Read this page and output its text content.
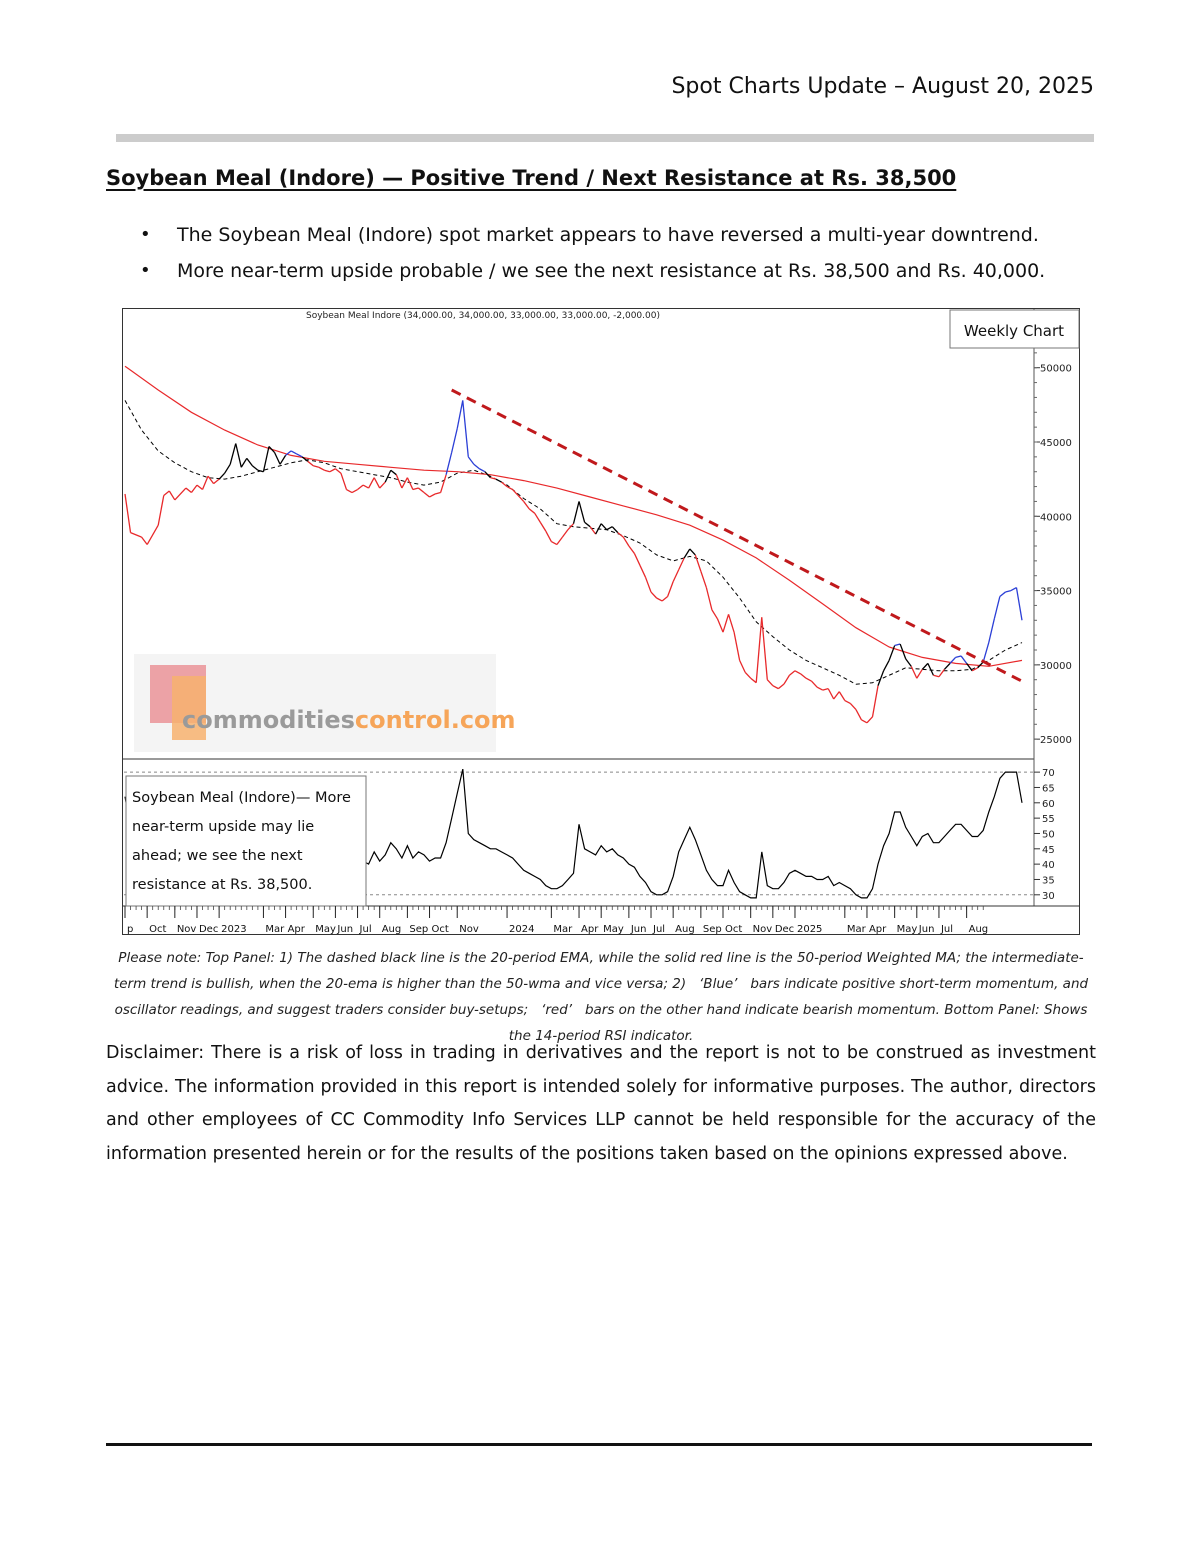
Spot Charts Update – August 20, 2025
Soybean Meal (Indore) — Positive Trend / Next Resistance at Rs. 38,500
• The Soybean Meal (Indore) spot market appears to have reversed a multi-year downtrend.
• More near-term upside probable / we see the next resistance at Rs. 38,500 and Rs. 40,000.
commoditiescontrol.com
Soybean Meal Indore (34,000.00, 34,000.00, 33,000.00, 33,000.00, -2,000.00)
Weekly Chart
Soybean Meal (Indore)— More near-term upside may lie ahead; we see the next resistance at Rs. 38,500.
25000
30000
35000
40000
45000
50000
30
35
40
45
50
55
60
65
70
p Oct Nov Dec 2023 Mar Apr May Jun Jul Aug Sep Oct Nov	2024 Mar Apr May Jun Jul Aug Sep Oct Nov Dec 2025 Mar Apr May Jun Jul Aug
Please note: Top Panel: 1) The dashed black line is the 20-period EMA, while the solid red line is the 50-period Weighted MA; the intermediate-term trend is bullish, when the 20-ema is higher than the 50-wma and vice versa; 2)   ‘Blue’   bars indicate positive short-term momentum, and oscillator readings, and suggest traders consider buy-setups;   ‘red’   bars on the other hand indicate bearish momentum. Bottom Panel: Shows the 14-period RSI indicator.
Disclaimer: There is a risk of loss in trading in derivatives and the report is not to be construed as investment advice. The information provided in this report is intended solely for informative purposes. The author, directors and other employees of CC Commodity Info Services LLP cannot be held responsible for the accuracy of the information presented herein or for the results of the positions taken based on the opinions expressed above.
